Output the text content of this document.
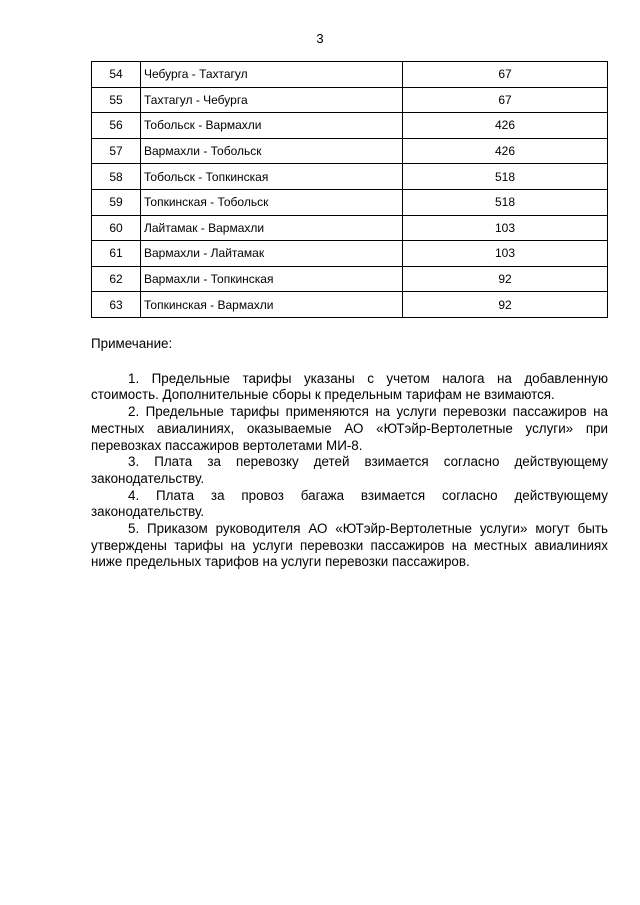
3
54	Чебурга - Тахтагул	67
55	Тахтагул - Чебурга	67
56	Тобольск - Вармахли	426
57	Вармахли - Тобольск	426
58	Тобольск - Топкинская	518
59	Топкинская - Тобольск	518
60	Лайтамак - Вармахли	103
61	Вармахли - Лайтамак	103
62	Вармахли - Топкинская	92
63	Топкинская - Вармахли	92

Примечание:

1. Предельные тарифы указаны с учетом налога на добавленную стоимость. Дополнительные сборы к предельным тарифам не взимаются.

2. Предельные тарифы применяются на услуги перевозки пассажиров на местных авиалиниях, оказываемые АО «ЮТэйр-Вертолетные услуги» при перевозках пассажиров вертолетами МИ-8.

3. Плата за перевозку детей взимается согласно действующему законодательству.

4. Плата за провоз багажа взимается согласно действующему законодательству.

5. Приказом руководителя АО «ЮТэйр-Вертолетные услуги» могут быть утверждены тарифы на услуги перевозки пассажиров на местных авиалиниях ниже предельных тарифов на услуги перевозки пассажиров.
